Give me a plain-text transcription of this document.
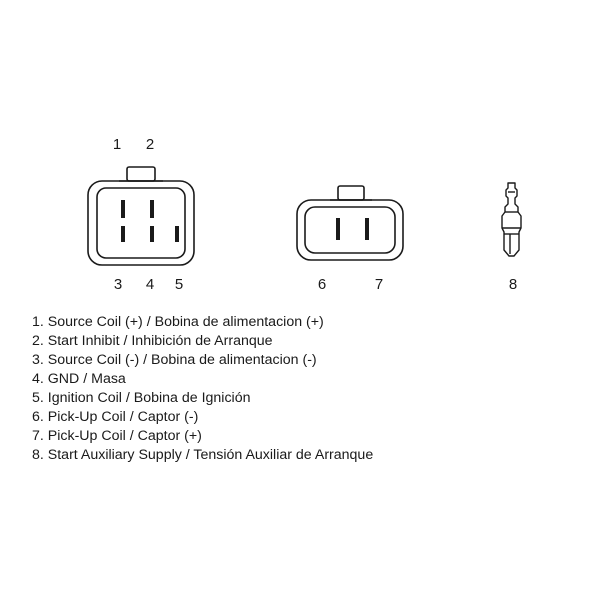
1 2
3 4 5	6	7	8
1. Source Coil (+) / Bobina de alimentacion (+)
2. Start Inhibit / Inhibición de Arranque
3. Source Coil (-) / Bobina de alimentacion (-)
4. GND / Masa
5. Ignition Coil / Bobina de Ignición
6. Pick-Up Coil / Captor (-)
7. Pick-Up Coil / Captor (+)
8. Start Auxiliary Supply / Tensión Auxiliar de Arranque
